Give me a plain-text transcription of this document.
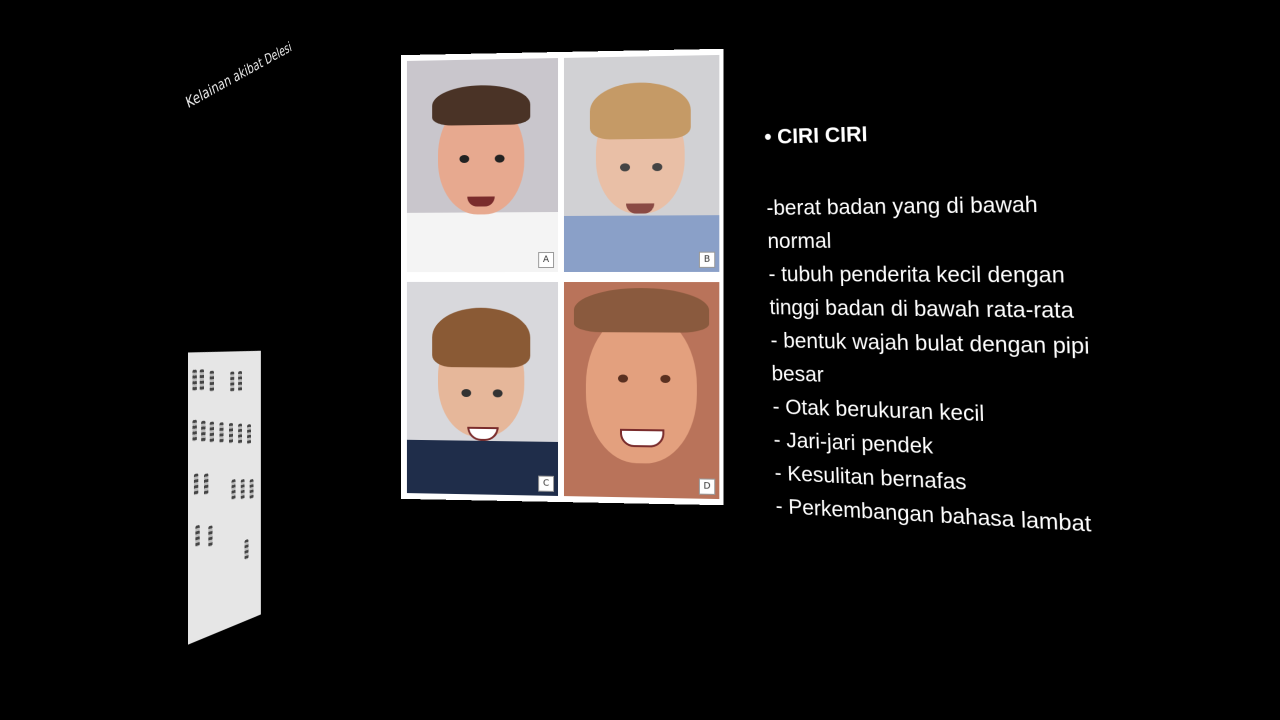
Kelainan akibat Delesi
A	B
C	D
• CIRI CIRI
-berat badan yang di bawah
normal
- tubuh penderita kecil dengan
tinggi badan di bawah rata-rata
- bentuk wajah bulat dengan pipi
besar
- Otak berukuran kecil
- Jari-jari pendek
- Kesulitan bernafas
- Perkembangan bahasa lambat
